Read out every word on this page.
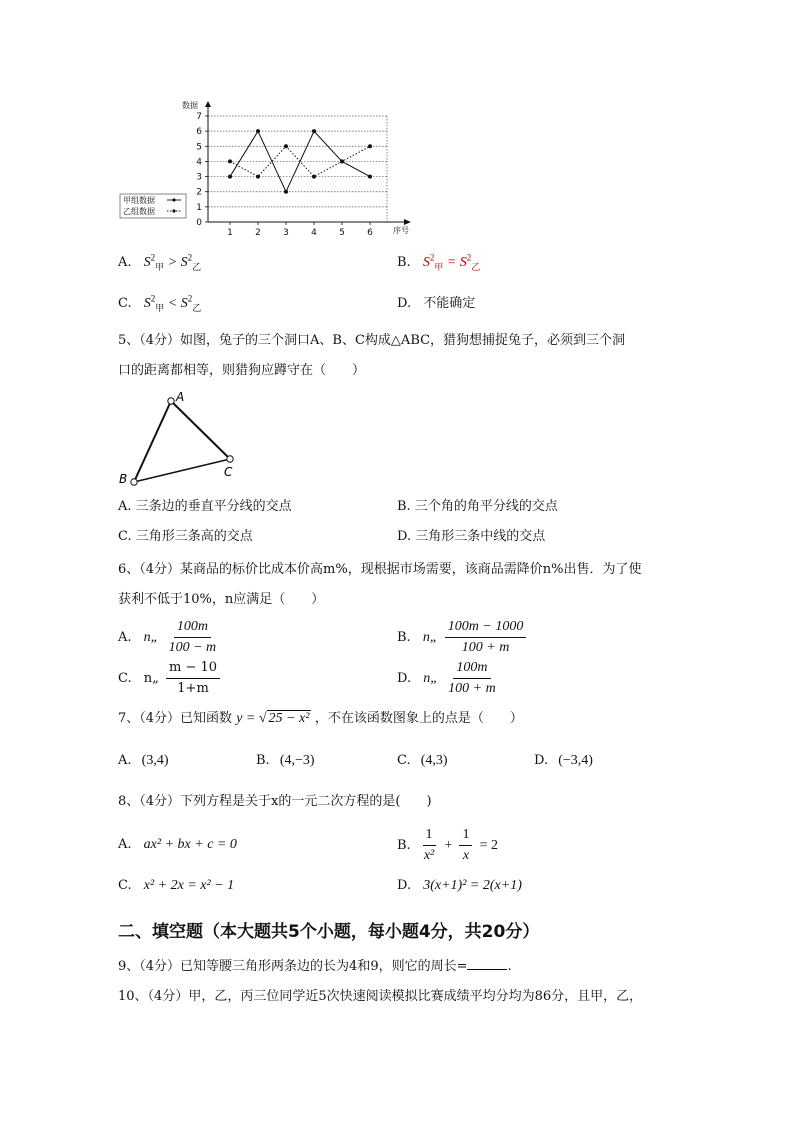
0
1
2
3
4
5
6
7
1 2 3 4 5 6
甲组数据
乙组数据
数据
序号
A. $S^2_甲 > S^2_乙$	B. $S^2_甲 = S^2_乙$
C. $S^2_甲 < S^2_乙$	D. 不能确定
5、（4分）如图，兔子的三个洞口A、B、C构成△ABC，猎狗想捕捉兔子，必须到三个洞
口的距离都相等，则猎狗应蹲守在（　　）
A
B	C
A. 三条边的垂直平分线的交点	B. 三个角的角平分线的交点
C. 三角形三条高的交点	D. 三角形三条中线的交点
6、（4分）某商品的标价比成本价高m%，现根据市场需要，该商品需降价n%出售．为了使
获利不低于10%，n应满足（　　）
A. n„ $\frac{100m}{100 - m}$	B. n„ $\frac{100m - 1000}{100 + m}$
C. n„ $\frac{m - 10}{1+m}$	D. n„ $\frac{100m}{100 + m}$
7、（4分）已知函数 y = √ 25 − x² ，不在该函数图象上的点是（　　）
A. (3,4)	B. (4,−3)	C. (4,3)	D. (−3,4)
8、（4分）下列方程是关于x的一元二次方程的是(　　)
A. ax² + bx + c = 0	B. $\frac{1}{\text{x²}} + \frac{1}{x} = 2$
C. x² + 2x = x² − 1	D. 3(x+1)² = 2(x+1)
二、填空题（本大题共5个小题，每小题4分，共20分）
9、（4分）已知等腰三角形两条边的长为4和9，则它的周长=	.
10、（4分）甲，乙，丙三位同学近5次快速阅读模拟比赛成绩平均分均为86分，且甲，乙，
